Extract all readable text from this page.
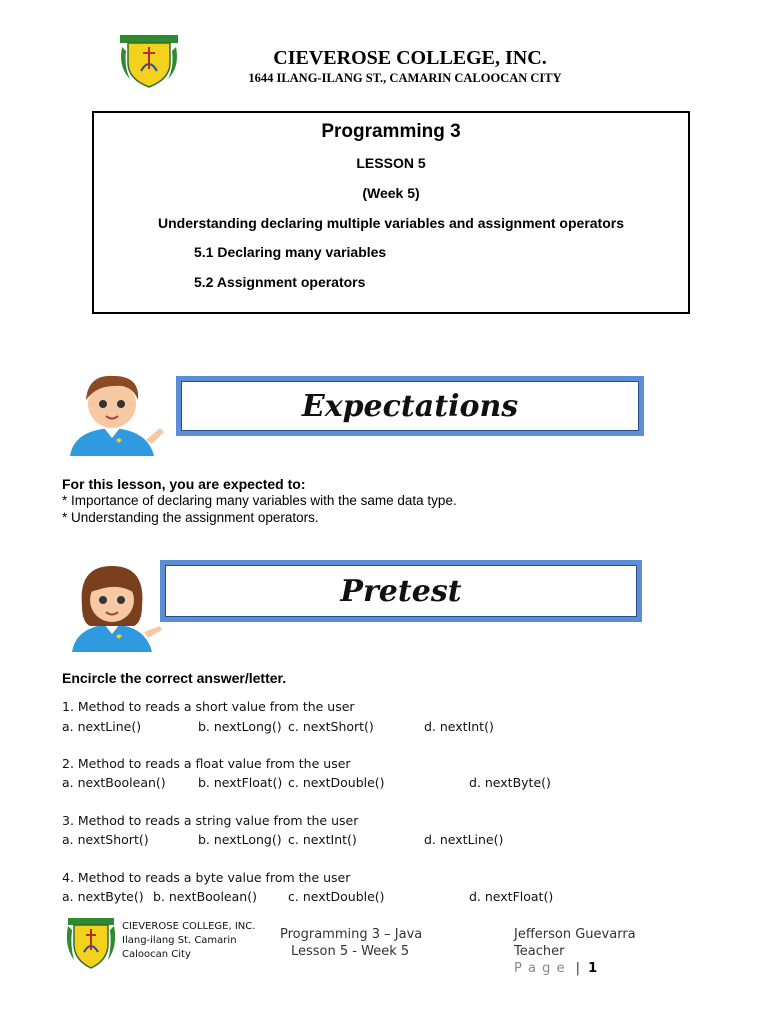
CIEVEROSE COLLEGE, INC.
1644 ILANG-ILANG ST., CAMARIN CALOOCAN CITY
Programming 3
LESSON 5
(Week 5)
Understanding declaring multiple variables and assignment operators
5.1 Declaring many variables
5.2 Assignment operators
Expectations
For this lesson, you are expected to:
* Importance of declaring many variables with the same data type.
* Understanding the assignment operators.
Pretest
Encircle the correct answer/letter.
1. Method to reads a short value from the user
a. nextLine()	b. nextLong() c. nextShort()	d. nextInt()
2. Method to reads a float value from the user
a. nextBoolean()	b. nextFloat() c. nextDouble()	d. nextByte()
3. Method to reads a string value from the user
a. nextShort()	b. nextLong() c. nextInt()	d. nextLine()
4. Method to reads a byte value from the user
a. nextByte() b. nextBoolean() c. nextDouble()	d. nextFloat()
CIEVEROSE COLLEGE, INC.
Ilang-ilang St. Camarin
Caloocan City
Programming 3 – Java
Lesson 5 - Week 5
Jefferson Guevarra
Teacher
P a g e | 1
